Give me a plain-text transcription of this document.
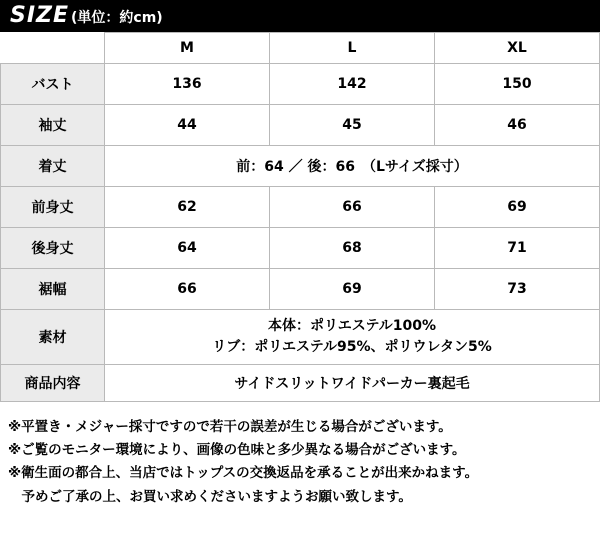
SIZE (単位：約cm)
	M	L	XL
バスト	136	142	150
袖丈	44	45	46
着丈	前：64 ／ 後：66　（Lサイズ採寸）		
前身丈	62	66	69
後身丈	64	68	71
裾幅	66	69	73
素材	本体：ポリエステル100%
リブ：ポリエステル95%、ポリウレタン5%		

商品内容	サイドスリットワイドパーカー裏起毛		
※平置き・メジャー採寸ですので若干の誤差が生じる場合がございます。
※ご覧のモニター環境により、画像の色味と多少異なる場合がございます。
※衛生面の都合上、当店ではトップスの交換返品を承ることが出来かねます。
　予めご了承の上、お買い求めくださいますようお願い致します。
